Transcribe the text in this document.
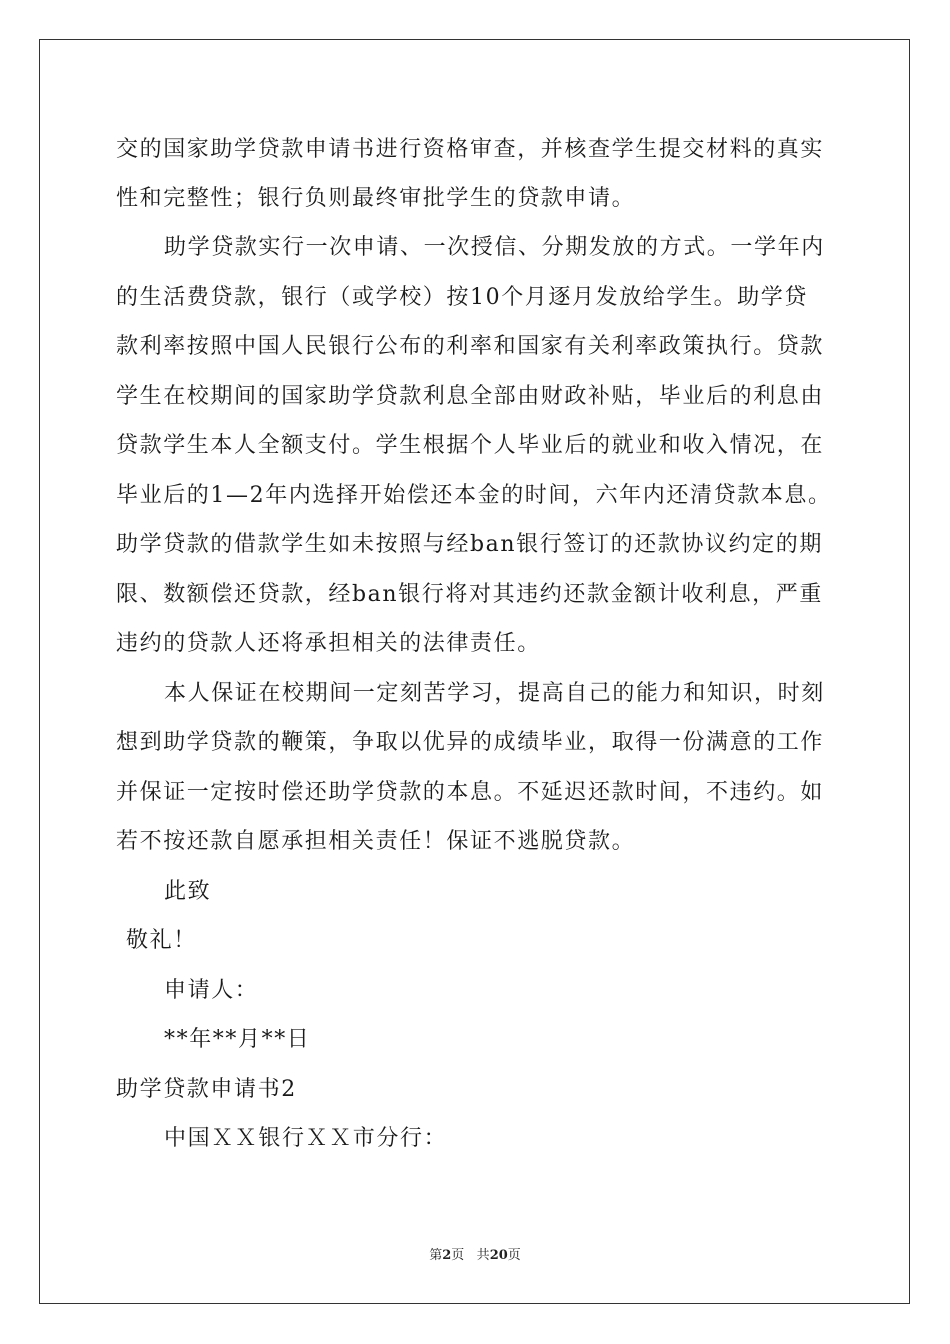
交的国家助学贷款申请书进行资格审查，并核查学生提交材料的真实
性和完整性；银行负则最终审批学生的贷款申请。
助学贷款实行一次申请、一次授信、分期发放的方式。一学年内
的生活费贷款，银行（或学校）按10个月逐月发放给学生。助学贷
款利率按照中国人民银行公布的利率和国家有关利率政策执行。贷款
学生在校期间的国家助学贷款利息全部由财政补贴，毕业后的利息由
贷款学生本人全额支付。学生根据个人毕业后的就业和收入情况，在
毕业后的1—2年内选择开始偿还本金的时间，六年内还清贷款本息。
助学贷款的借款学生如未按照与经ban银行签订的还款协议约定的期
限、数额偿还贷款，经ban银行将对其违约还款金额计收利息，严重
违约的贷款人还将承担相关的法律责任。
本人保证在校期间一定刻苦学习，提高自己的能力和知识，时刻
想到助学贷款的鞭策，争取以优异的成绩毕业，取得一份满意的工作
并保证一定按时偿还助学贷款的本息。不延迟还款时间，不违约。如
若不按还款自愿承担相关责任！保证不逃脱贷款。
此致
敬礼！
申请人：
**年**月**日
助学贷款申请书2
中国ＸＸ银行ＸＸ市分行：
第2页 共20页
